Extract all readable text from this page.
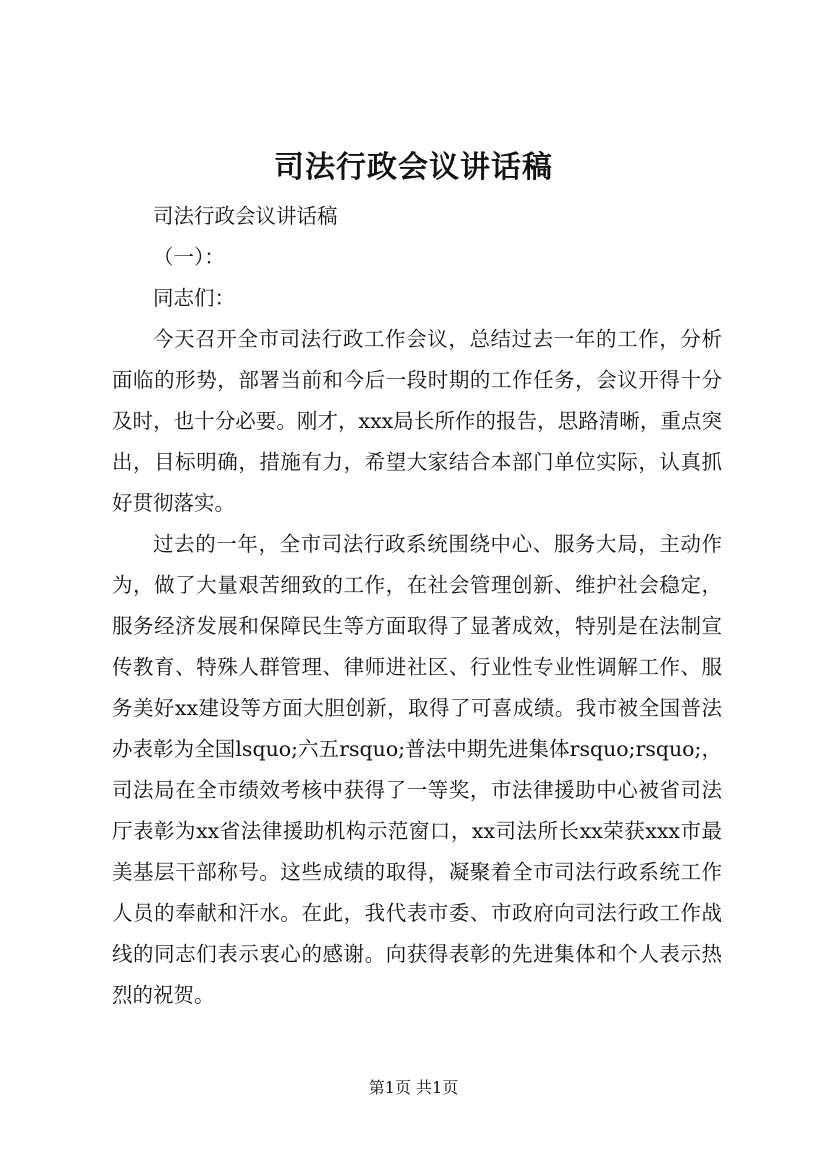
司法行政会议讲话稿

司法行政会议讲话稿

（一）：

同志们：

今天召开全市司法行政工作会议，总结过去一年的工作，分析面临的形势，部署当前和今后一段时期的工作任务，会议开得十分及时，也十分必要。刚才，xxx局长所作的报告，思路清晰，重点突出，目标明确，措施有力，希望大家结合本部门单位实际，认真抓好贯彻落实。

过去的一年，全市司法行政系统围绕中心、服务大局，主动作为，做了大量艰苦细致的工作，在社会管理创新、维护社会稳定，服务经济发展和保障民生等方面取得了显著成效，特别是在法制宣传教育、特殊人群管理、律师进社区、行业性专业性调解工作、服务美好xx建设等方面大胆创新，取得了可喜成绩。我市被全国普法办表彰为全国lsquo;六五rsquo;普法中期先进集体rsquo;rsquo;，司法局在全市绩效考核中获得了一等奖，市法律援助中心被省司法厅表彰为xx省法律援助机构示范窗口，xx司法所长xx荣获xxx市最美基层干部称号。这些成绩的取得，凝聚着全市司法行政系统工作人员的奉献和汗水。在此，我代表市委、市政府向司法行政工作战线的同志们表示衷心的感谢。向获得表彰的先进集体和个人表示热烈的祝贺。

第1页 共1页
